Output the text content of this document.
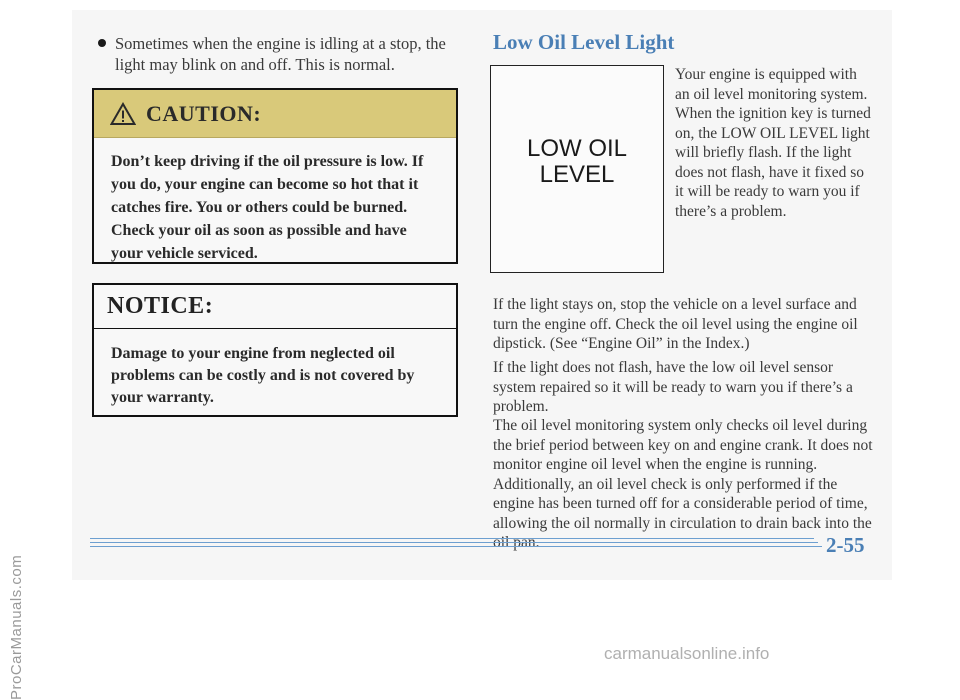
ProCarManuals.com
Sometimes when the engine is idling at a stop, the light may blink on and off. This is normal.
CAUTION:
Don’t keep driving if the oil pressure is low. If you do, your engine can become so hot that it catches fire. You or others could be burned. Check your oil as soon as possible and have your vehicle serviced.
NOTICE:
Damage to your engine from neglected oil problems can be costly and is not covered by your warranty.
Low Oil Level Light
LOW OIL
LEVEL
Your engine is equipped with an oil level monitoring system. When the ignition key is turned on, the LOW OIL LEVEL light will briefly flash. If the light does not flash, have it fixed so it will be ready to warn you if there’s a problem.
If the light stays on, stop the vehicle on a level surface and turn the engine off. Check the oil level using the engine oil dipstick. (See “Engine Oil” in the Index.)
If the light does not flash, have the low oil level sensor system repaired so it will be ready to warn you if there’s a problem.
The oil level monitoring system only checks oil level during the brief period between key on and engine crank. It does not monitor engine oil level when the engine is running. Additionally, an oil level check is only performed if the engine has been turned off for a considerable period of time, allowing the oil normally in circulation to drain back into the oil pan.	2-55
carmanualsonline.info
